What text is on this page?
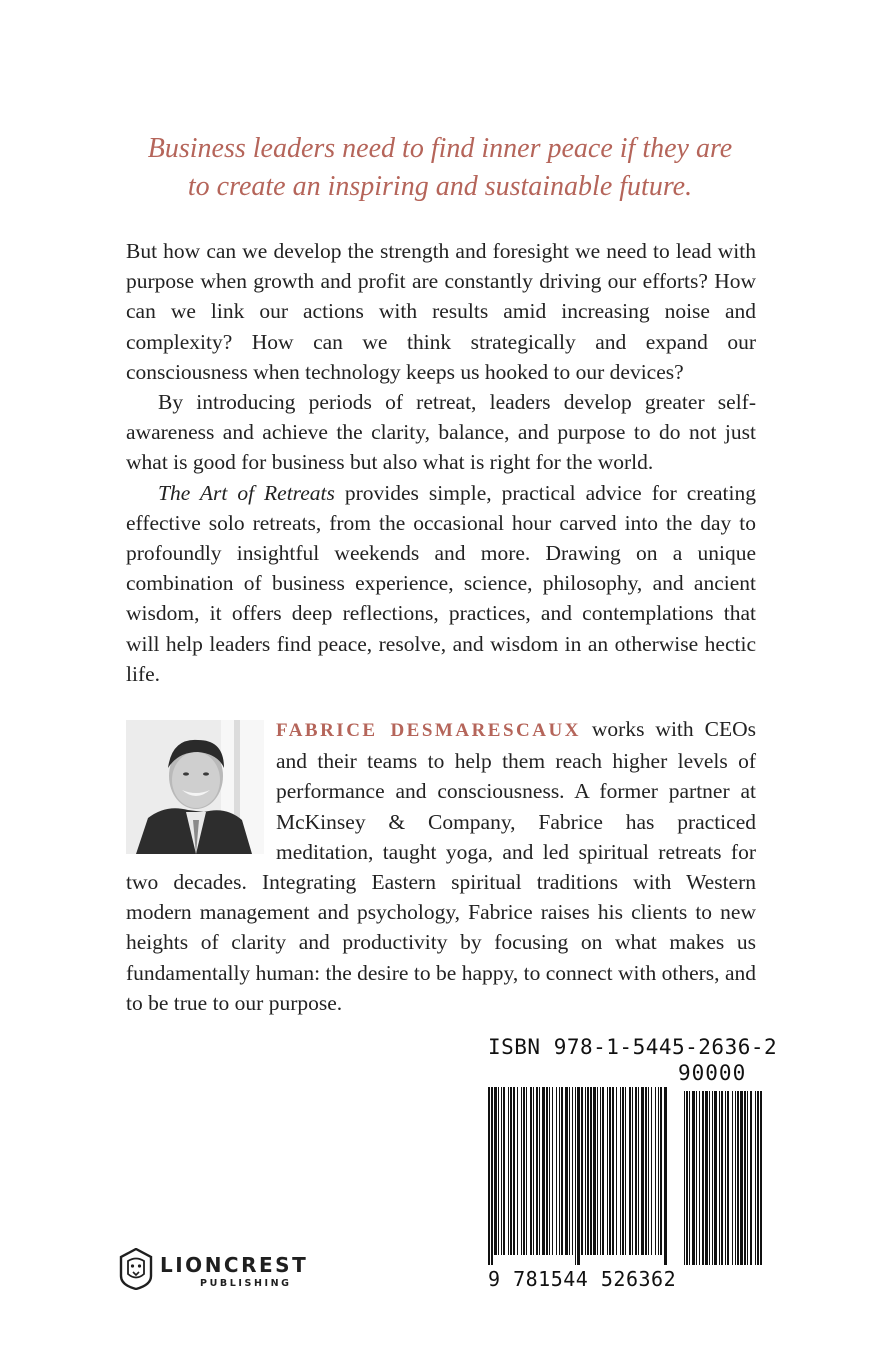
Business leaders need to find inner peace if they are
to create an inspiring and sustainable future.

But how can we develop the strength and foresight we need to lead with purpose when growth and profit are constantly driving our efforts? How can we link our actions with results amid increasing noise and complexity? How can we think strategically and expand our consciousness when technology keeps us hooked to our devices?

By introducing periods of retreat, leaders develop greater self-awareness and achieve the clarity, balance, and purpose to do not just what is good for business but also what is right for the world.

The Art of Retreats provides simple, practical advice for creating effective solo retreats, from the occasional hour carved into the day to profoundly insightful weekends and more. Drawing on a unique combination of business experience, science, philosophy, and ancient wisdom, it offers deep reflections, practices, and contemplations that will help leaders find peace, resolve, and wisdom in an otherwise hectic life.

FABRICE DESMARESCAUX works with CEOs and their teams to help them reach higher levels of performance and consciousness. A former partner at McKinsey & Company, Fabrice has practiced meditation, taught yoga, and led spiritual retreats for two decades. Integrating Eastern spiritual traditions with Western modern management and psychology, Fabrice raises his clients to new heights of clarity and productivity by focusing on what makes us fundamentally human: the desire to be happy, to connect with others, and to be true to our purpose.
ISBN 978-1-5445-2636-2
90000
9 781544 526362
LIONCREST
PUBLISHING
